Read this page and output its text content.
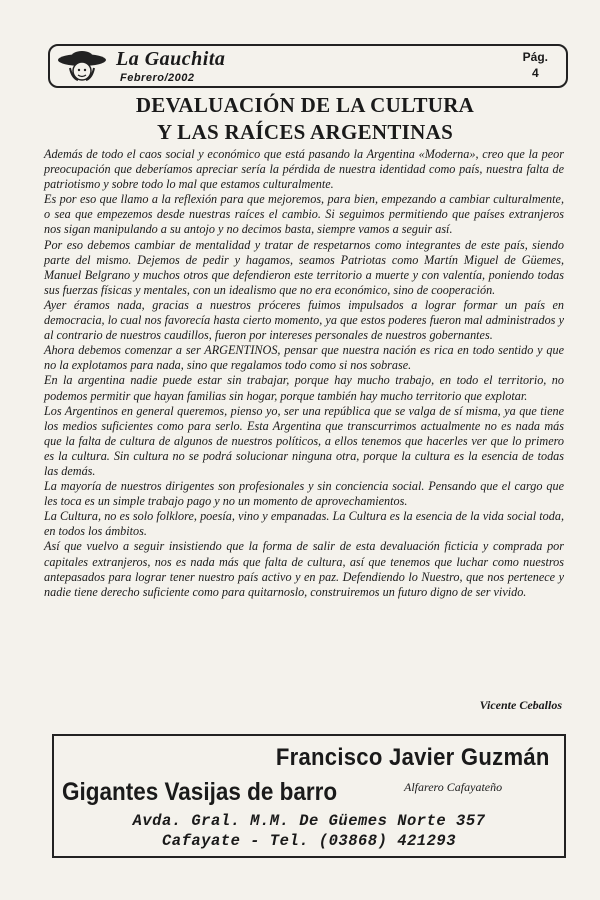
La Gauchita
Febrero/2002
Pág.
4
DEVALUACIÓN DE LA CULTURA
Y LAS RAÍCES ARGENTINAS

Además de todo el caos social y económico que está pasando la Argentina «Moderna», creo que la peor preocupación que deberíamos apreciar sería la pérdida de nuestra identidad como país, nuestra falta de patriotismo y sobre todo lo mal que estamos culturalmente.

Es por eso que llamo a la reflexión para que mejoremos, para bien, empezando a cambiar culturalmente, o sea que empezemos desde nuestras raíces el cambio. Si seguimos permitiendo que países extranjeros nos sigan manipulando a su antojo y no decimos basta, siempre vamos a seguir así.

Por eso debemos cambiar de mentalidad y tratar de respetarnos como integrantes de este país, siendo parte del mismo. Dejemos de pedir y hagamos, seamos Patriotas como Martín Miguel de Güemes, Manuel Belgrano y muchos otros que defendieron este territorio a muerte y con valentía, poniendo todas sus fuerzas físicas y mentales, con un idealismo que no era económico, sino de cooperación.

Ayer éramos nada, gracias a nuestros próceres fuimos impulsados a lograr formar un país en democracia, lo cual nos favorecía hasta cierto momento, ya que estos poderes fueron mal administrados y al contrario de nuestros caudillos, fueron por intereses personales de nuestros gobernantes.

Ahora debemos comenzar a ser ARGENTINOS, pensar que nuestra nación es rica en todo sentido y que no la explotamos para nada, sino que regalamos todo como si nos sobrase.

En la argentina nadie puede estar sin trabajar, porque hay mucho trabajo, en todo el territorio, no podemos permitir que hayan familias sin hogar, porque también hay mucho territorio que explotar.

Los Argentinos en general queremos, pienso yo, ser una república que se valga de sí misma, ya que tiene los medios suficientes como para serlo. Esta Argentina que transcurrimos actualmente no es nada más que la falta de cultura de algunos de nuestros políticos, a ellos tenemos que hacerles ver que lo primero es la cultura. Sin cultura no se podrá solucionar ninguna otra, porque la cultura es la esencia de todas las demás.

La mayoría de nuestros dirigentes son profesionales y sin conciencia social. Pensando que el cargo que les toca es un simple trabajo pago y no un momento de aprovechamientos.

La Cultura, no es solo folklore, poesía, vino y empanadas. La Cultura es la esencia de la vida social toda, en todos los ámbitos.

Así que vuelvo a seguir insistiendo que la forma de salir de esta devaluación ficticia y comprada por capitales extranjeros, nos es nada más que falta de cultura, así que tenemos que luchar como nuestros antepasados para lograr tener nuestro país activo y en paz. Defendiendo lo Nuestro, que nos pertenece y nadie tiene derecho suficiente como para quitarnoslo, construiremos un futuro digno de ser vivido.

Vicente Ceballos
Francisco Javier Guzmán
Gigantes Vasijas de barro	Alfarero Cafayateño
Avda. Gral. M.M. De Güemes Norte 357
Cafayate - Tel. (03868) 421293
